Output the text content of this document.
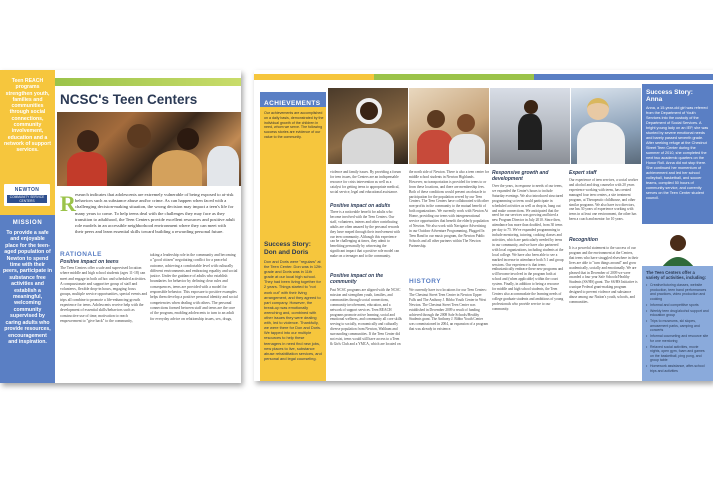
Teen REACH programs strengthen youth, families and communities through social connections, community involvement, education and a network of support services.

NEWTON
COMMUNITY SERVICE CENTERS
MISSION

To provide a safe and enjoyable place for the teen-aged population of Newton to spend time with their peers, participate in substance free activities and establish a meaningful, welcoming community supervised by caring adults who provide resources, encouragement and inspiration.

MAKING THE CASE FOR...
NCSC's Teen Centers
R esearch indicates that adolescents are extremely vulnerable of being exposed to at-risk behaviors such as substance abuse and/or crime. As can happen when faced with a challenging decision-making situation, the wrong decision may impact a teen's life for many years to come. To help teens deal with the challenges they may face as they transition to adulthood, the Teen Centers provide excellent resources and positive adult role models in an accessible neighborhood environment where they can meet with their peers and learn essential skills toward building a rewarding personal future.

RATIONALE
Positive impact on teens

The Teen Centers offer a safe and supervised location where middle and high school students (ages 11-18) can meet and engage in both ad hoc and scheduled activities. A compassionate and supportive group of staff and volunteers, flexible drop-in hours, engaging focus groups, multiple service opportunities, special events and trips all combine to promote a life-enhancing growth experience for teens. Adolescents receive help with the development of essential skills/behaviors such as constructive use of time, motivation to reach empowerment to "give back" to the community,

taking a leadership role in the community and becoming a "good citizen" negotiating conflict for a peaceful outcome, achieving a comfortable level with culturally different environments and embracing equality and social justice. Under the guidance of adults who establish boundaries for behavior by defining clear rules and consequences, teens are provided with a model for responsible behavior. This exposure to positive examples helps them develop a positive personal identity and social competencies when dealing with others. The personal connections formed between staff and teens are the core of the program, enabling adolescents to turn to an adult for everyday advice on relationship issues, sex, drugs,

ACHIEVEMENTS

Our achievements are accomplished on a daily basis, demonstrated by the individual growth of the children in need, whom we serve. The following success stories are evidence of our value to the community.

Success Story: Don and Doris

Don and Doris were "regulars" at the Teen Center. Don was in 12th grade and Doris was in 11th grade at our local high school. They had been living together for 2 years. Things started to "not work out" with their living arrangement, and they agreed to part company. However, the break-up was emotionally wrenching and, combined with other issues they were dealing with, led to violence. Thankfully, we were there for Don and Doris. We tapped into our multiple resources to help these teenagers in need find new jobs, new places to live, substance abuse rehabilitation services, and personal and legal counseling.

violence and family issues. By providing a forum for teen issues, the Centers are an indispensable resource for crisis intervention as well as a catalyst for getting teens to appropriate medical, social service, legal and educational assistance.

Positive impact on adults

There is a noticeable benefit for adults who become involved with the Teen Centers. Our staff, volunteers, interns and other contributing adults are often amazed by the personal rewards they have reaped through their involvement with our teen community. Although this experience can be challenging at times, they admit to benefiting personally by witnessing the significant impact that a positive role model can make on a teenager and to the community.

Positive impact on the community

Past NCSC programs are aligned with the NCSC mission and strengthen youth, families, and communities through social connections, community involvement, education, and a network of support services. Teen REACH programs promote active learning, social and emotional wellness, and community all core skills serving to socially, economically and culturally diverse population from Newton, Waltham and surrounding communities. If the Teen Center did not exist, teens would still have access to a Teen & Girls Club and a YMCA, which are located on

the north side of Newton. There is also a teen center for middle school students in Newton Highlands. However, no transportation is provided for teens to or from these locations, and there are membership fees. Both of these conditions would present an obstacle to participation for the population served by our Teen Centers. The Teen Centers have collaborated with other non-profits in the community to the mutual benefit of both organizations. We currently work with Newton At Home, providing our teens with intergenerational service opportunities that benefit the elderly population of Newton. We also work with Navigator Advertising in our Outdoor Adventure Programming, Plugged In Teen Band in our music program, the Newton Public Schools and all other partners within The Newton Partnership.

HISTORY

We currently have two locations for our Teen Centers: The Chestnut Street Teen Center in Newton Upper Falls and The Anthony J. Bibbo Youth Center in West Newton. The Chestnut Street Teen Center was established in December 2009 a result of funding achieved through the 2008 Safe Schools/Healthy Students grant. The Anthony J. Bibbo Youth Center was commissioned in 2004, an expansion of a program that was already in existence.

Responsive growth and development

Over the years, in response to needs of our teens, we expanded the Center's hours to include Saturday evenings. We also introduced structured programming so teens could participate in scheduled activities as well as drop in, hang out and make connections. We anticipated that the need for our services was growing and hired a new Program Director in July 2010. Since then, attendance has more than doubled, from 30 teens per day to 75. We've expanded programming to include mentoring, tutoring, cooking classes and activities, which are particularly needed by teens in our community, and we have also partnered with local organizations, including students at the local college. We have also been able to see a marked increase in attendance both 5:1 and group sessions. Our experience is that teens enthusiastically embrace these new programs and will become involved in the program both at school and (when applicable) within the court system. Finally, in addition to being a resource for middle and high school students, the Teen Centers also accommodate the learning needs of college graduate students and ambitious of young professionals who provide service to our community.

Expert staff

Our experience of teen services, a social worker and alcohol and drug counselor with 20 years experience working with teens, has created managed four teen centers, a site treatment program, at Therapeutic childhouse, and other similar programs. We also have two directors, one has 30 years of experience working with teens in at least one environment, the other has been a coach and mentor for 10 years.

Recognition

It is a powerful statement to the success of our program and the environment at the Centers, that teens who have struggled elsewhere in their lives are able to "turn things around" and grow academically, socially and emotionally. We are pleased that in December of 2009 we were awarded a four year Safe Schools/Healthy Students (SS/HS) grant. The SS/HS Initiative is a unique Federal grant-making program designed to prevent violence and substance abuse among our Nation's youth, schools, and communities.

Success Story: Anna

Anna, a 15-year-old girl was referred from the Department of Youth Services into the custody of the Department of Social Services. A bright young lady on an IEP, she was stunted by severe emotional needs and barely passed seventh grade. After seeking refuge at the Chestnut Street Teen Center during the summer of 2010, she completed the next two academic quarters on the Honor Roll. Anna did not stop there. She continued her momentum of achievement and led her school volleyball, basketball, and soccer teams, compiled 50 hours of community service, and currently serves on the Teen Center student council.

The Teen Centers offer a variety of activities, including:
• Creative/tutoring classes, website production, teen band performances and practices, video production and cooking
• Informal and competitive sports
• Weekly teen drug/alcohol support and education group
• Trips to museums, ski slopes, amusement parks, camping and concerts
• Informal counseling and resource site for one mentoring
• Relaxed social activities, movie nights, open gym, foam and games on the basketball, ping pong, and group table
• Homework assistance, after-school trips and activities
